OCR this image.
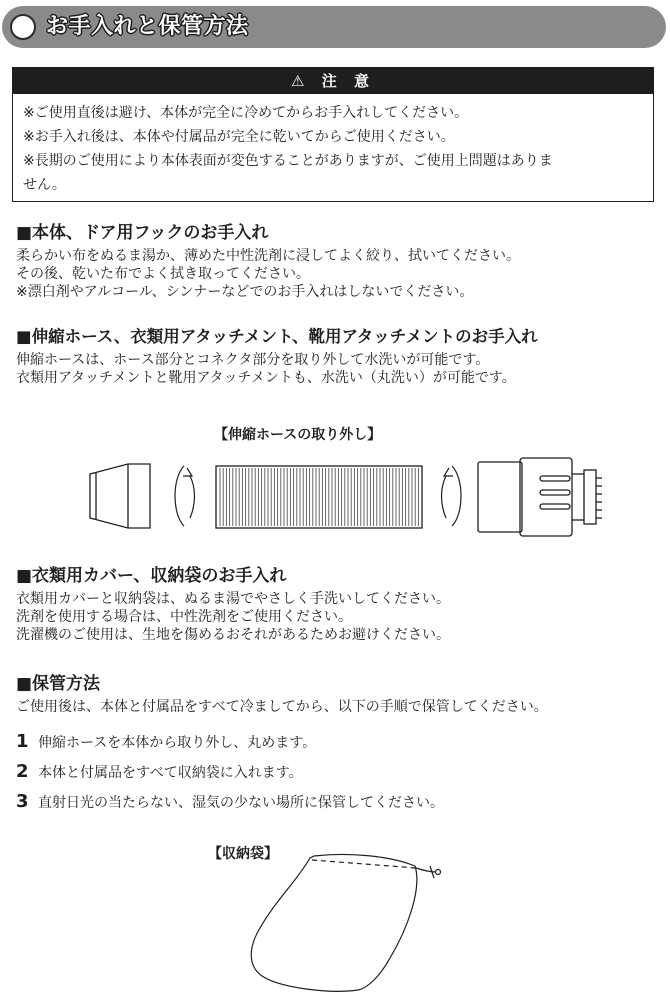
お手入れと保管方法
⚠ 注 意
※ご使用直後は避け、本体が完全に冷めてからお手入れしてください。
※お手入れ後は、本体や付属品が完全に乾いてからご使用ください。
※長期のご使用により本体表面が変色することがありますが、ご使用上問題はありま
せん。
■本体、ドア用フックのお手入れ
柔らかい布をぬるま湯か、薄めた中性洗剤に浸してよく絞り、拭いてください。
その後、乾いた布でよく拭き取ってください。
※漂白剤やアルコール、シンナーなどでのお手入れはしないでください。
■伸縮ホース、衣類用アタッチメント、靴用アタッチメントのお手入れ
伸縮ホースは、ホース部分とコネクタ部分を取り外して水洗いが可能です。
衣類用アタッチメントと靴用アタッチメントも、水洗い（丸洗い）が可能です。
【伸縮ホースの取り外し】
■衣類用カバー、収納袋のお手入れ
衣類用カバーと収納袋は、ぬるま湯でやさしく手洗いしてください。
洗剤を使用する場合は、中性洗剤をご使用ください。
洗濯機のご使用は、生地を傷めるおそれがあるためお避けください。
■保管方法
ご使用後は、本体と付属品をすべて冷ましてから、以下の手順で保管してください。
1 伸縮ホースを本体から取り外し、丸めます。
2 本体と付属品をすべて収納袋に入れます。
3 直射日光の当たらない、湿気の少ない場所に保管してください。
【収納袋】
